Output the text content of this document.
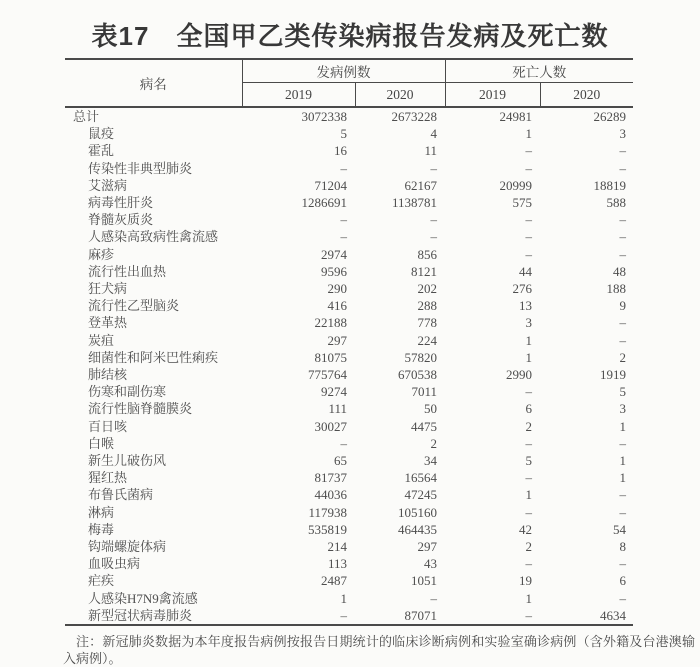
表17　全国甲乙类传染病报告发病及死亡数
病名	发病例数		死亡人数	
	2019	2020	2019	2020
总计	3072338	2673228	24981	26289
鼠疫	5	4	1	3
霍乱	16	11	–	–
传染性非典型肺炎	–	–	–	–
艾滋病	71204	62167	20999	18819
病毒性肝炎	1286691	1138781	575	588
脊髓灰质炎	–	–	–	–
人感染高致病性禽流感	–	–	–	–
麻疹	2974	856	–	–
流行性出血热	9596	8121	44	48
狂犬病	290	202	276	188
流行性乙型脑炎	416	288	13	9
登革热	22188	778	3	–
炭疽	297	224	1	–
细菌性和阿米巴性痢疾	81075	57820	1	2
肺结核	775764	670538	2990	1919
伤寒和副伤寒	9274	7011	–	5
流行性脑脊髓膜炎	111	50	6	3
百日咳	30027	4475	2	1
白喉	–	2	–	–
新生儿破伤风	65	34	5	1
猩红热	81737	16564	–	1
布鲁氏菌病	44036	47245	1	–
淋病	117938	105160	–	–
梅毒	535819	464435	42	54
钩端螺旋体病	214	297	2	8
血吸虫病	113	43	–	–
疟疾	2487	1051	19	6
人感染H7N9禽流感	1	–	1	–
新型冠状病毒肺炎	–	87071	–	4634

注：新冠肺炎数据为本年度报告病例按报告日期统计的临床诊断病例和实验室确诊病例（含外籍及台港澳输入病例）。
